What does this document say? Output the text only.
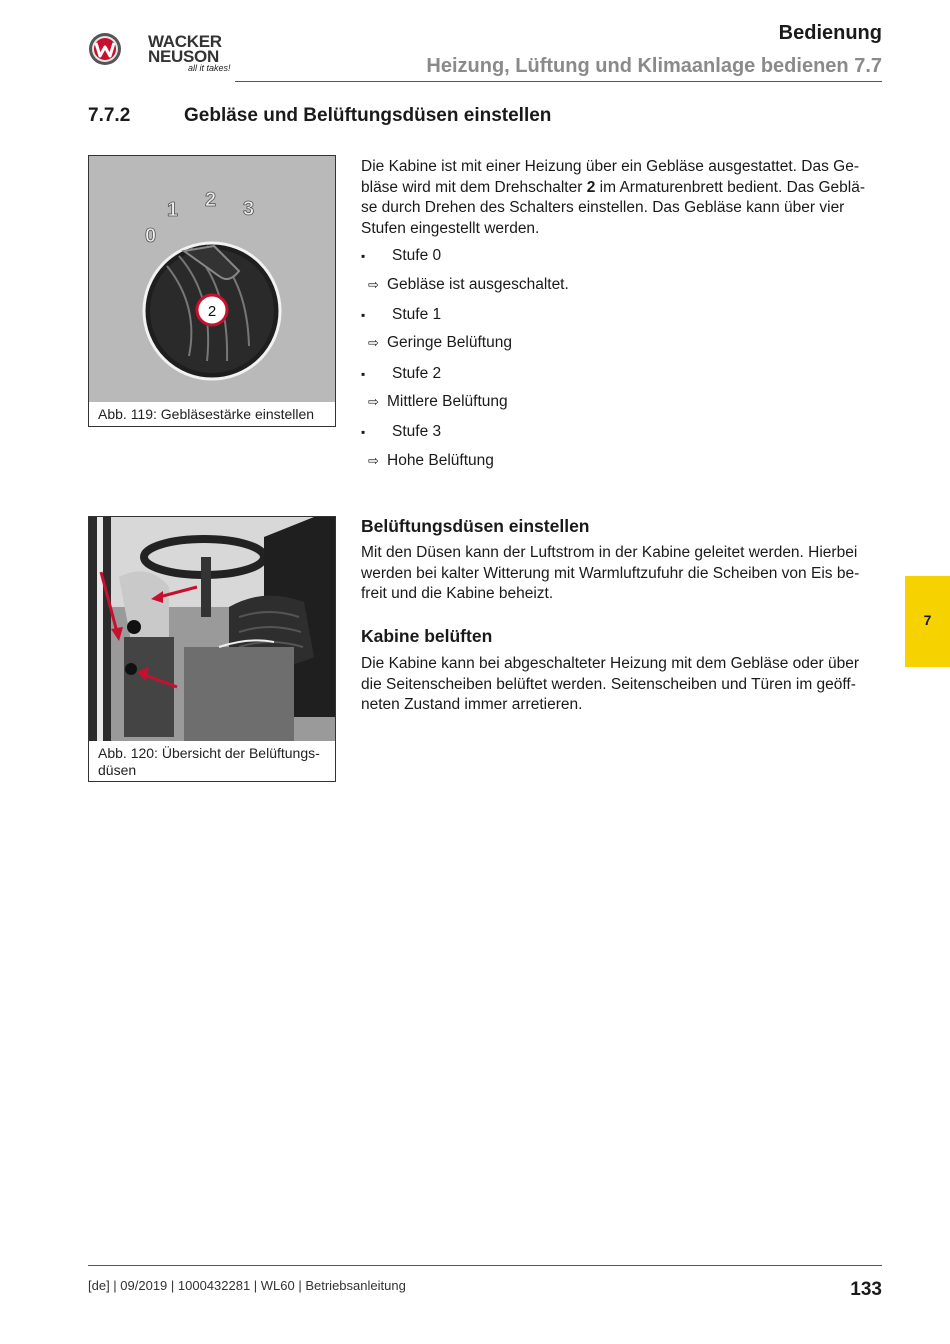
WACKER
NEUSON
all it takes!
Bedienung
Heizung, Lüftung und Klimaanlage bedienen 7.7
7.7.2	Gebläse und Belüftungsdüsen einstellen
0
1 2 3
2
Abb. 119: Gebläsestärke einstellen
Die Kabine ist mit einer Heizung über ein Gebläse ausgestattet. Das Ge-
bläse wird mit dem Drehschalter 2 im Armaturenbrett bedient. Das Geblä-
se durch Drehen des Schalters einstellen. Das Gebläse kann über vier
Stufen eingestellt werden.
▪ Stufe 0
⇨ Gebläse ist ausgeschaltet.
▪ Stufe 1
⇨ Geringe Belüftung
▪ Stufe 2
⇨ Mittlere Belüftung
▪ Stufe 3
⇨ Hohe Belüftung
Abb. 120: Übersicht der Belüftungs-
düsen
Belüftungsdüsen einstellen
Mit den Düsen kann der Luftstrom in der Kabine geleitet werden. Hierbei
werden bei kalter Witterung mit Warmluftzufuhr die Scheiben von Eis be-
freit und die Kabine beheizt.
Kabine belüften
Die Kabine kann bei abgeschalteter Heizung mit dem Gebläse oder über
die Seitenscheiben belüftet werden. Seitenscheiben und Türen im geöff-
neten Zustand immer arretieren.
7
[de] | 09/2019 | 1000432281 | WL60 | Betriebsanleitung	133
